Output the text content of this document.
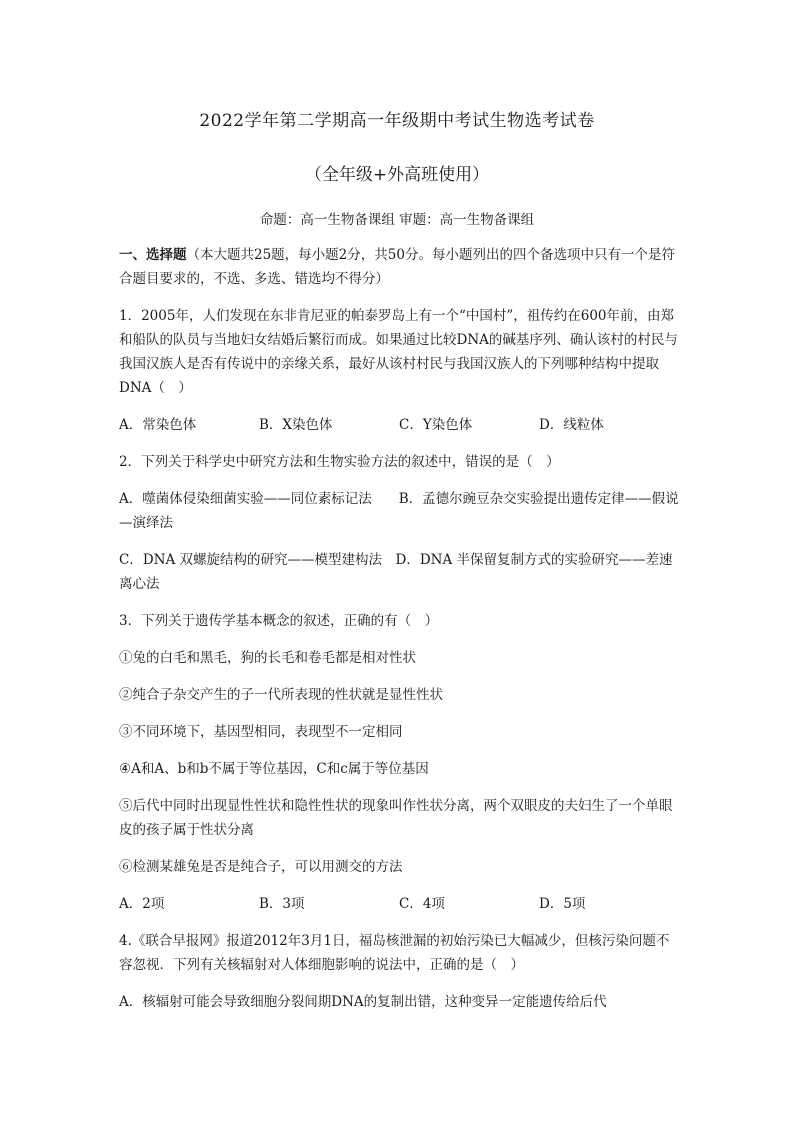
2022学年第二学期高一年级期中考试生物选考试卷
（全年级+外高班使用）
命题：高一生物备课组 审题：高一生物备课组

一、选择题（本大题共25题，每小题2分，共50分。每小题列出的四个备选项中只有一个是符合题目要求的，不选、多选、错选均不得分）

1．2005年，人们发现在东非肯尼亚的帕泰罗岛上有一个“中国村”，祖传约在600年前，由郑和船队的队员与当地妇女结婚后繁衍而成。如果通过比较DNA的碱基序列、确认该村的村民与我国汉族人是否有传说中的亲缘关系，最好从该村村民与我国汉族人的下列哪种结构中提取DNA（　）

A．常染色体	B．X染色体	C．Y染色体	D．线粒体

2．下列关于科学史中研究方法和生物实验方法的叙述中，错误的是（　）

A．噬菌体侵染细菌实验——同位素标记法　　B．孟德尔豌豆杂交实验提出遗传定律——假说—演绎法

C．DNA 双螺旋结构的研究——模型建构法　D．DNA 半保留复制方式的实验研究——差速离心法

3．下列关于遗传学基本概念的叙述，正确的有（　）

①兔的白毛和黑毛，狗的长毛和卷毛都是相对性状

②纯合子杂交产生的子一代所表现的性状就是显性性状

③不同环境下，基因型相同，表现型不一定相同

④A和A、b和b不属于等位基因，C和c属于等位基因

⑤后代中同时出现显性性状和隐性性状的现象叫作性状分离，两个双眼皮的夫妇生了一个单眼皮的孩子属于性状分离

⑥检测某雄兔是否是纯合子，可以用测交的方法

A．2项	B．3项	C．4项	D．5项

4.《联合早报网》报道2012年3月1日，福岛核泄漏的初始污染已大幅减少，但核污染问题不容忽视．下列有关核辐射对人体细胞影响的说法中，正确的是（　）

A．核辐射可能会导致细胞分裂间期DNA的复制出错，这种变异一定能遗传给后代
